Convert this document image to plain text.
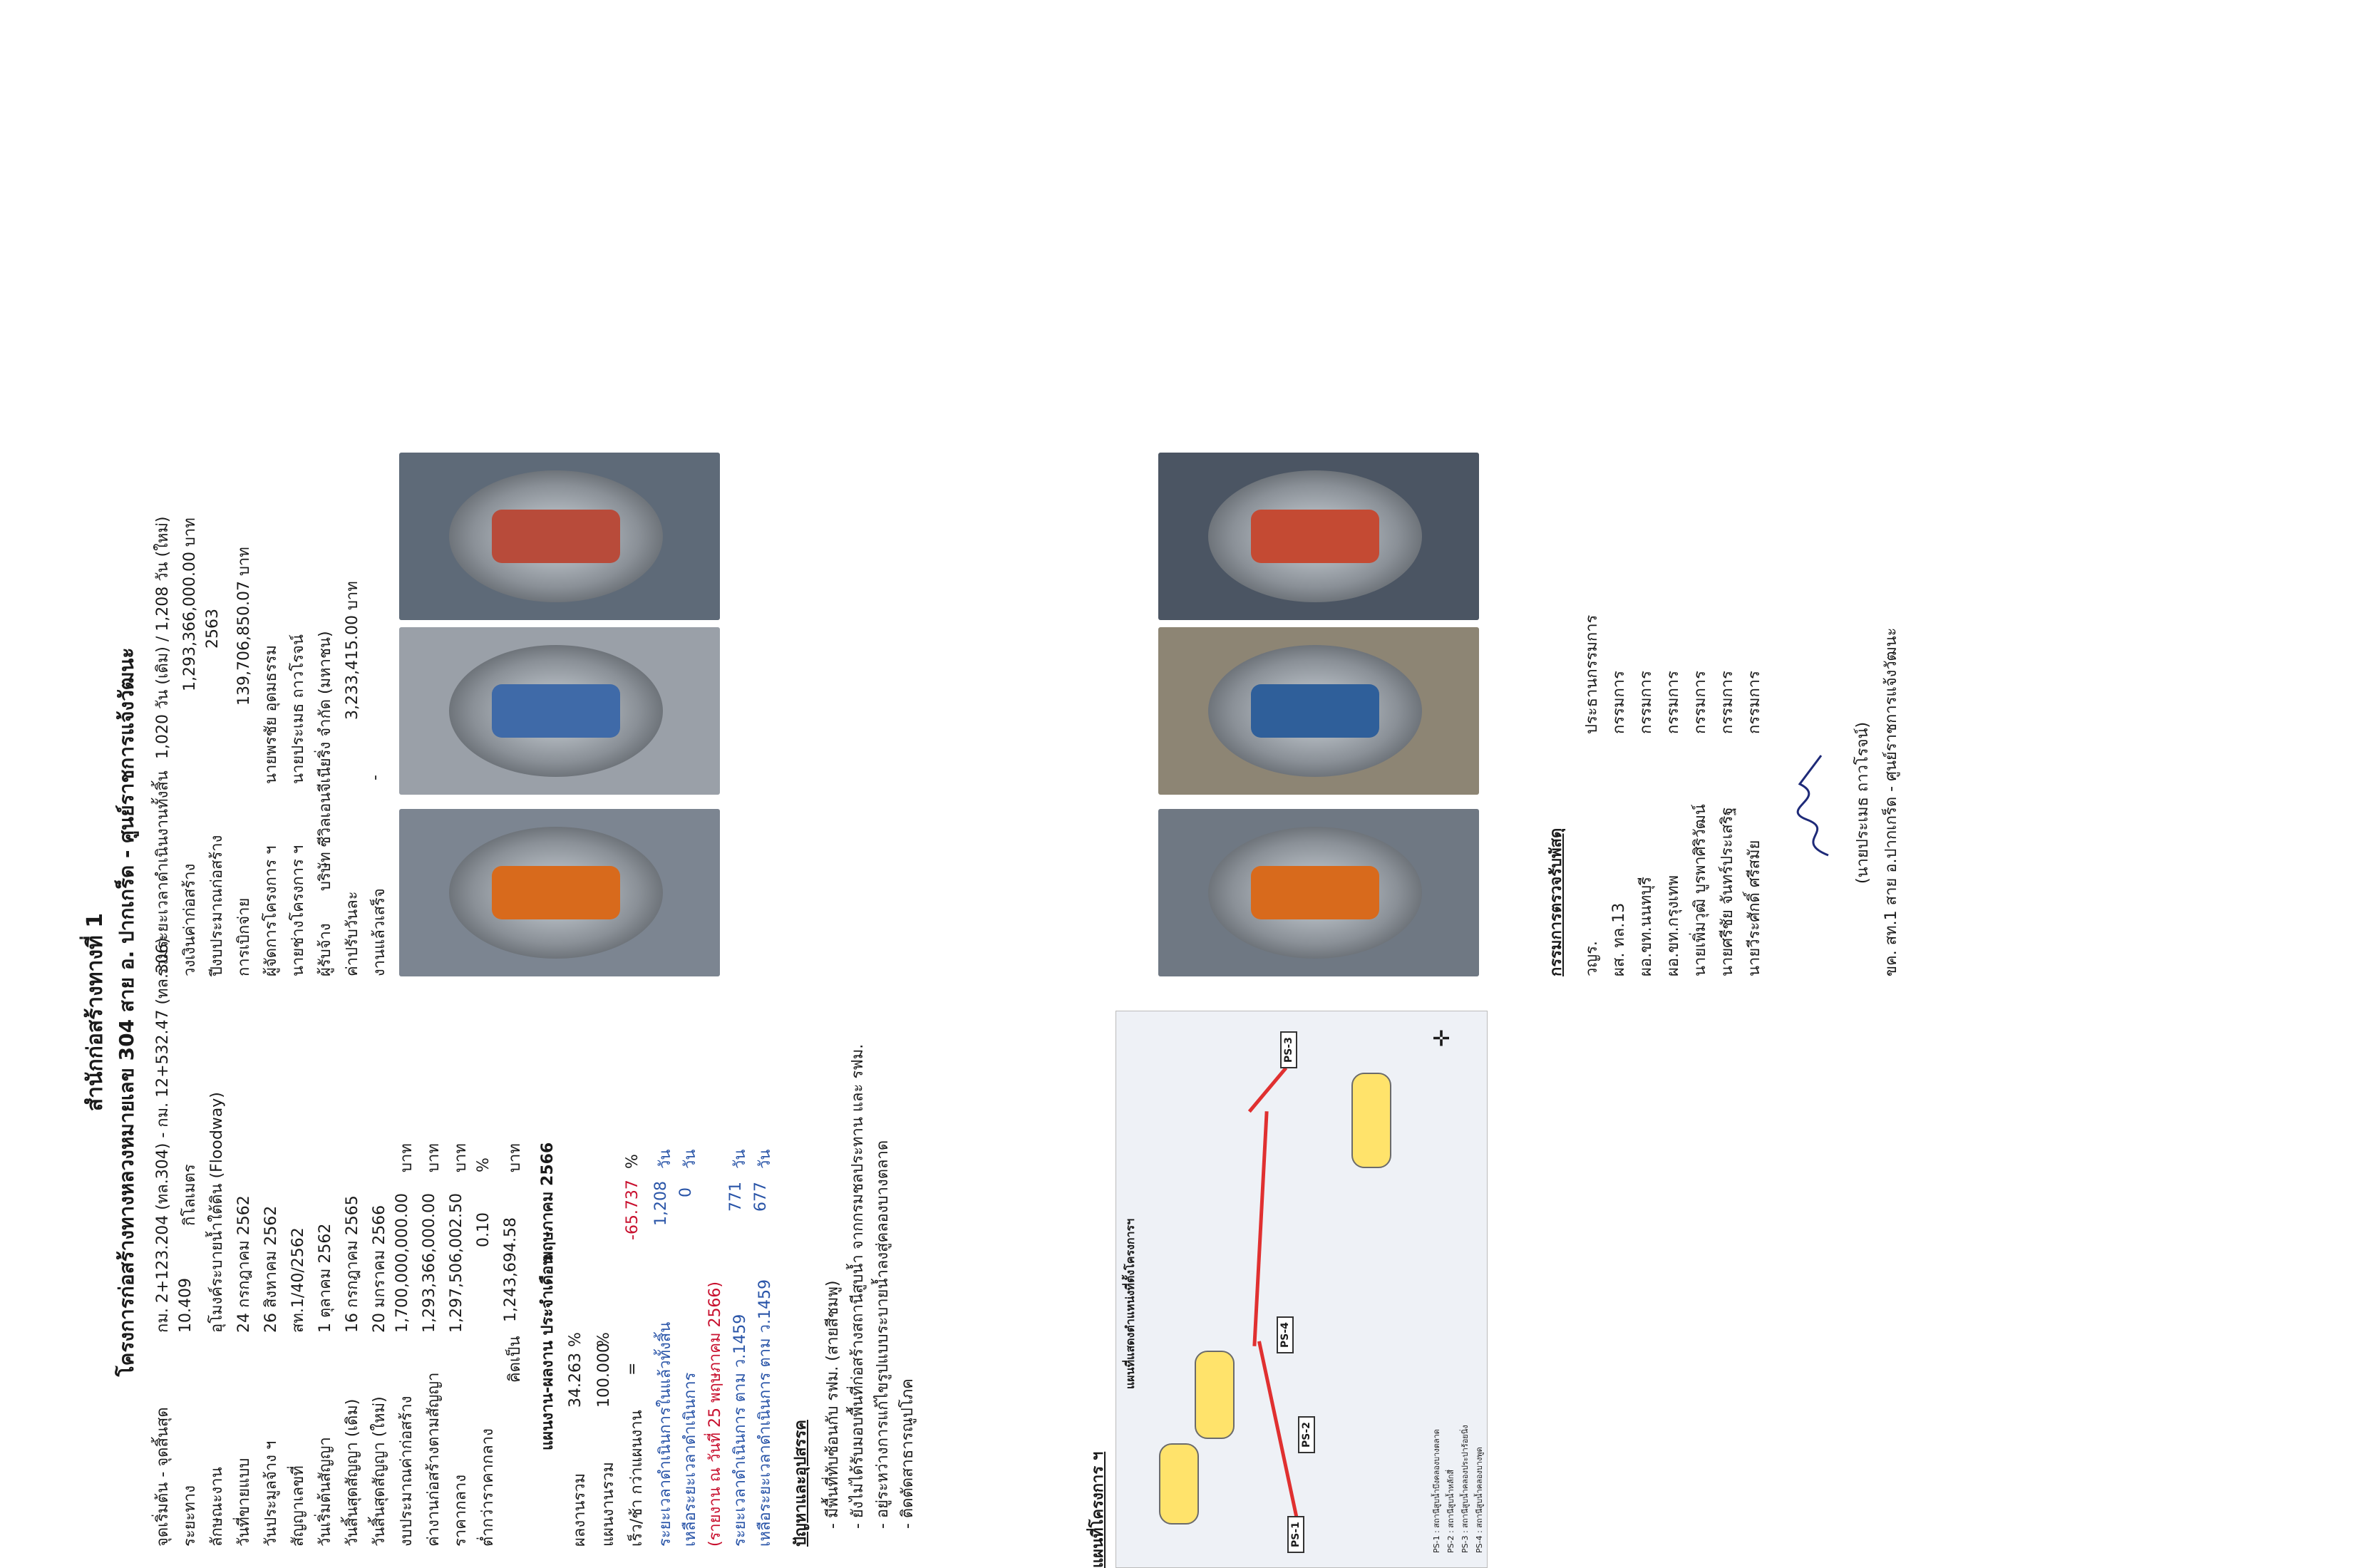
สำนักก่อสร้างทางที่ 1 โครงการก่อสร้างทางหลวงหมายเลข 304 สาย อ. ปากเกร็ด - ศูนย์ราชการแจ้งวัฒนะ
จุดเริ่มต้น - จุดสิ้นสุด
กม. 2+123.204 (ทล.304) - กม. 12+532.47 (ทล.306)
ระยะทาง
10.409
กิโลเมตร
ลักษณะงาน
อุโมงค์ระบายน้ำใต้ดิน (Floodway)
วันที่ขายแบบ
24 กรกฎาคม 2562
วันประมูลจ้าง ฯ
26 สิงหาคม 2562
สัญญาเลขที่
สท.1/40/2562
วันเริ่มต้นสัญญา
1 ตุลาคม 2562
วันสิ้นสุดสัญญา (เดิม)
16 กรกฎาคม 2565
วันสิ้นสุดสัญญา (ใหม่)
20 มกราคม 2566
งบประมาณค่าก่อสร้าง
1,700,000,000.00
บาท
ค่างานก่อสร้างตามสัญญา
1,293,366,000.00
บาท
ราคากลาง
1,297,506,002.50
บาท
ต่ำกว่าราคากลาง
0.10
%
คิดเป็น
1,243,694.58
บาท
แผนงาน-ผลงาน ประจำเดือน
พฤษภาคม 2566
ผลงานรวม
34.263
%
แผนงานรวม
100.000
%
เร็ว/ช้า กว่าแผนงาน
=
-65.737
%
ระยะเวลาดำเนินการในแล้วทั้งสิ้น
1,208
วัน
เหลือระยะเวลาดำเนินการ
0
วัน
(รายงาน ณ วันที่ 25 พฤษภาคม 2566) ระยะเวลาดำเนินการ ตาม ว.1459
771
วัน
เหลือระยะเวลาดำเนินการ ตาม ว.1459
677
วัน
ปัญหาและอุปสรรค - มีพื้นที่ทับซ้อนกับ รฟม. (สายสีชมพู) - ยังไม่ได้รับมอบพื้นที่ก่อสร้างสถานีสูบน้ำ จากกรมชลประทาน และ รฟม. - อยู่ระหว่างการแก้ไขรูปแบบระบายน้ำลงสู่คลองบางตลาด - ติดตัดสาธารณูปโภค	แผนที่โครงการ ฯ
แผนที่แสดงตำแหน่งที่ตั้งโครงการฯ
PS-1
PS-2
PS-3
PS-4
✛
PS-1 : สถานีสูบน้ำบึงคลองบางตลาด PS-2 : สถานีสูบน้ำหลักสี่ PS-3 : สถานีสูบน้ำคลองประปาร้อยนิ่ง PS-4 : สถานีสูบน้ำคลองบางพูด
รวมระยะเวลาดำเนินงานทั้งสิ้น
1,020 วัน (เดิม) / 1,208 วัน (ใหม่)
วงเงินค่าก่อสร้าง
1,293,366,000.00 บาท
ปีงบประมาณก่อสร้าง
2563
การเบิกจ่าย
139,706,850.07 บาท
ผู้จัดการโครงการ ฯ
นายพรชัย อุดมธรรม
นายช่างโครงการ ฯ
นายประเมธ ถาวโรจน์
ผู้รับจ้าง
บริษัท ซีวิลเอนจีเนียริ่ง จำกัด (มหาชน)
ค่าปรับวันละ
3,233,415.00 บาท
งานแล้วเสร็จ
-
กรรมการตรวจรับพัสดุ วญร.
ประธานกรรมการ
ผส. ทล.13
กรรมการ
ผอ.ขท.นนทบุรี
กรรมการ
ผอ.ขท.กรุงเทพ
กรรมการ
นายเพิ่มวุฒิ บูรพาศิริวัฒน์
กรรมการ
นายศรีชัย จันทร์ประเสริฐ
กรรมการ
นายวีระศักดิ์ ศรีสมัย
กรรมการ
(นายประเมธ ถาวโรจน์) ขค. สท.1 สาย อ.ปากเกร็ด - ศูนย์ราชการแจ้งวัฒนะ
